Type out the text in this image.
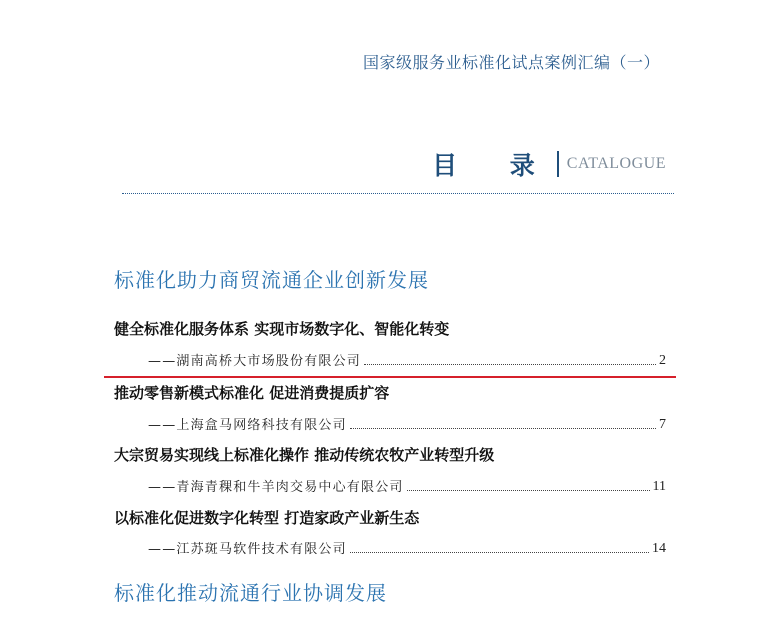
国家级服务业标准化试点案例汇编（一）
目 录 CATALOGUE
标准化助力商贸流通企业创新发展
健全标准化服务体系 实现市场数字化、智能化转变
——湖南高桥大市场股份有限公司	2
推动零售新模式标准化 促进消费提质扩容
——上海盒马网络科技有限公司	7
大宗贸易实现线上标准化操作 推动传统农牧产业转型升级
——青海青稞和牛羊肉交易中心有限公司	11
以标准化促进数字化转型 打造家政产业新生态
——江苏斑马软件技术有限公司	14
标准化推动流通行业协调发展
